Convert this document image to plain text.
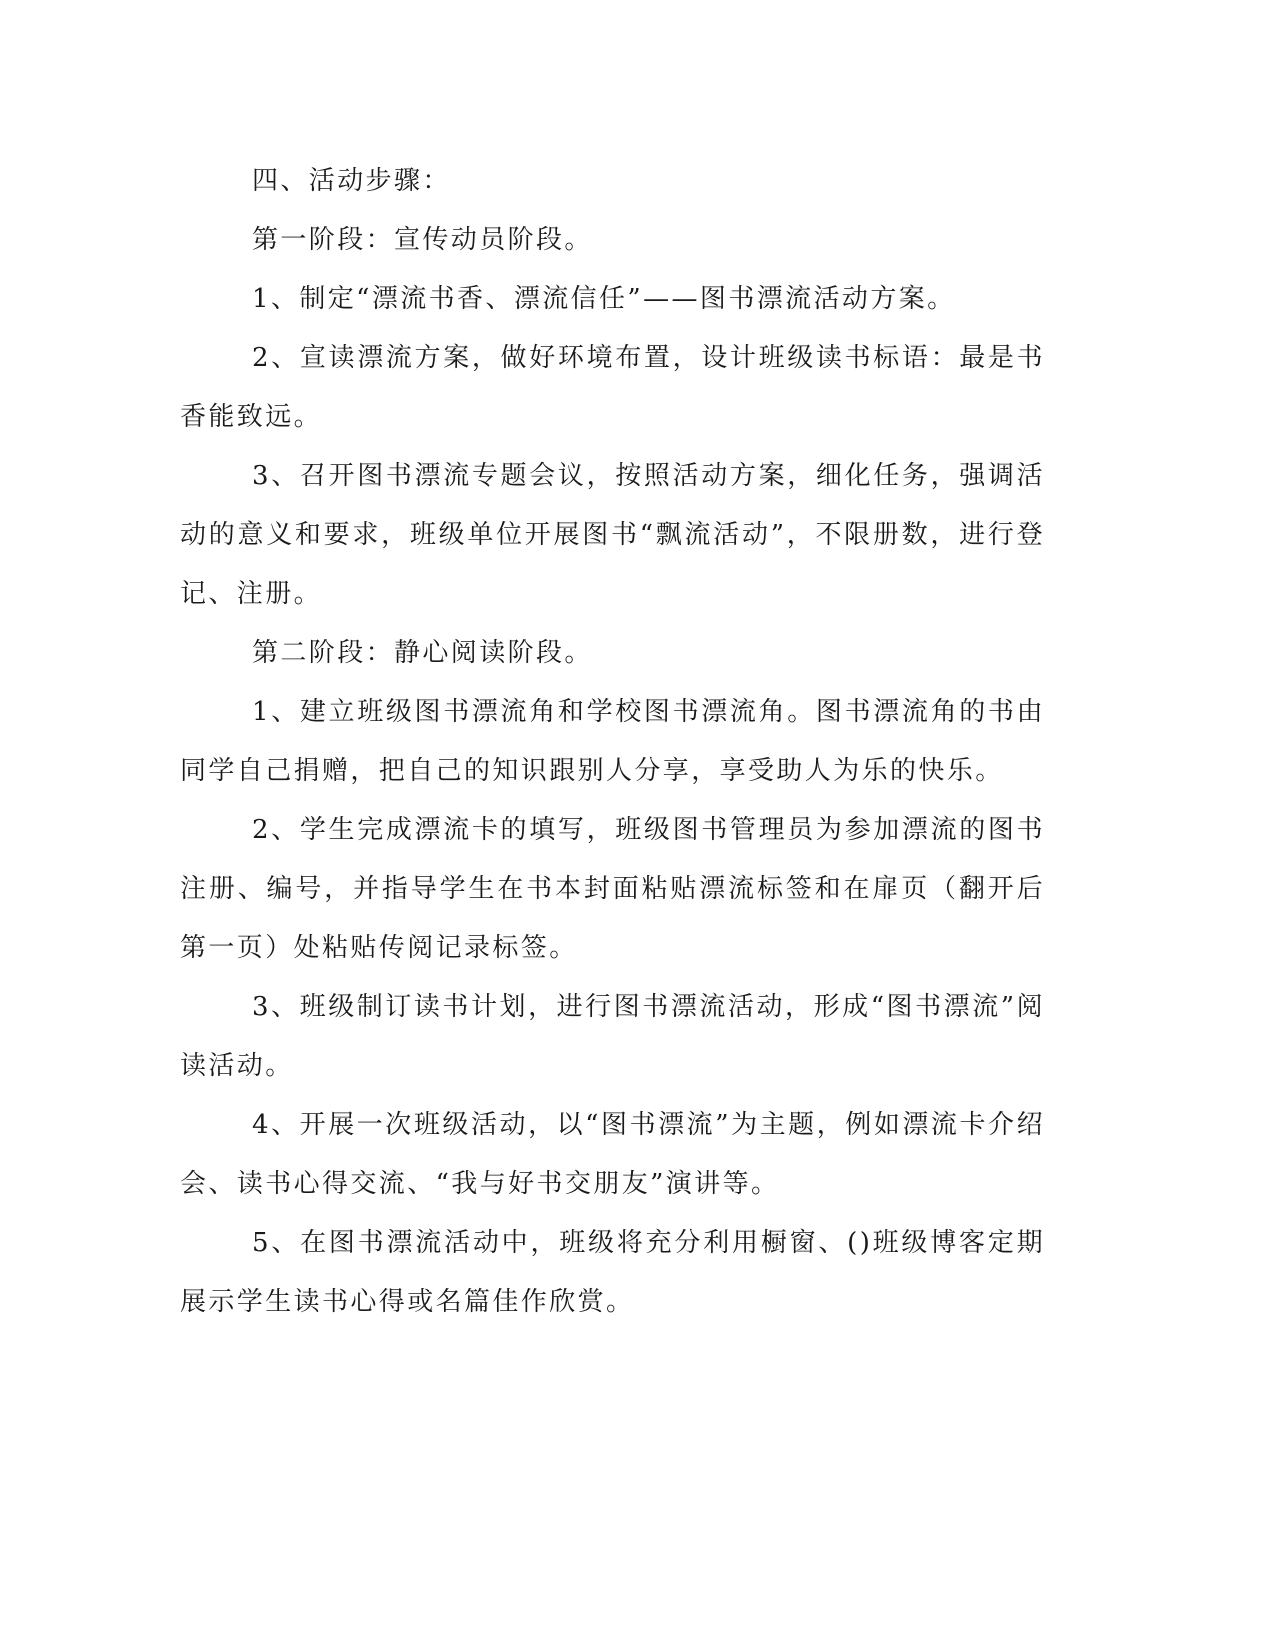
四、活动步骤：

第一阶段：宣传动员阶段。

1、制定“漂流书香、漂流信任”——图书漂流活动方案。

2、宣读漂流方案，做好环境布置，设计班级读书标语：最是书香能致远。

3、召开图书漂流专题会议，按照活动方案，细化任务，强调活动的意义和要求，班级单位开展图书“飘流活动”，不限册数，进行登记、注册。

第二阶段：静心阅读阶段。

1、建立班级图书漂流角和学校图书漂流角。图书漂流角的书由同学自己捐赠，把自己的知识跟别人分享，享受助人为乐的快乐。

2、学生完成漂流卡的填写，班级图书管理员为参加漂流的图书注册、编号，并指导学生在书本封面粘贴漂流标签和在扉页（翻开后第一页）处粘贴传阅记录标签。

3、班级制订读书计划，进行图书漂流活动，形成“图书漂流”阅读活动。

4、开展一次班级活动，以“图书漂流”为主题，例如漂流卡介绍会、读书心得交流、“我与好书交朋友”演讲等。

5、在图书漂流活动中，班级将充分利用橱窗、()班级博客定期展示学生读书心得或名篇佳作欣赏。
